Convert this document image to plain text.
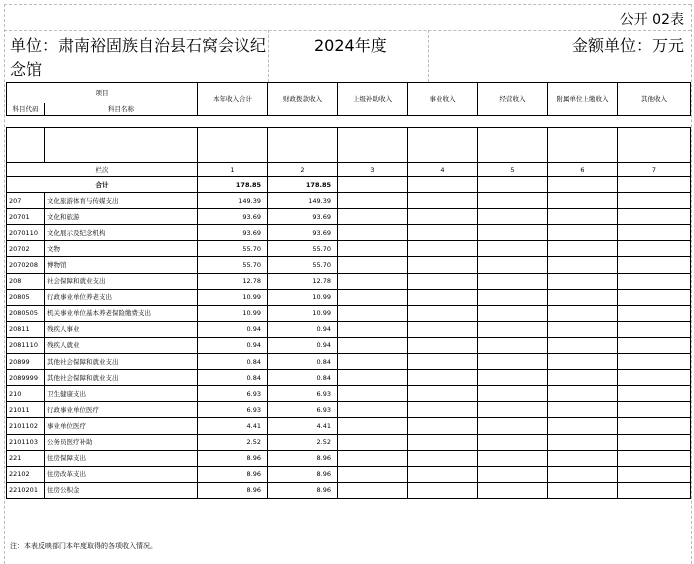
公开 02表
单位：肃南裕固族自治县石窝会议纪念馆
2024年度	金额单位：万元
项目		本年收入合计	财政拨款收入	上级补助收入	事业收入	经营收入	附属单位上缴收入	其他收入
科目代码	科目名称							

栏次		1	2	3	4	5	6	7
合计		178.85	178.85					
207	文化旅游体育与传媒支出	149.39	149.39					
20701	文化和旅游	93.69	93.69					
2070110	文化展示及纪念机构	93.69	93.69					
20702	文物	55.70	55.70					
2070208	博物馆	55.70	55.70					
208	社会保障和就业支出	12.78	12.78					
20805	行政事业单位养老支出	10.99	10.99					
2080505	机关事业单位基本养老保险缴费支出	10.99	10.99					
20811	残疾人事业	0.94	0.94					
2081110	残疾人就业	0.94	0.94					
20899	其他社会保障和就业支出	0.84	0.84					
2089999	其他社会保障和就业支出	0.84	0.84					
210	卫生健康支出	6.93	6.93					
21011	行政事业单位医疗	6.93	6.93					
2101102	事业单位医疗	4.41	4.41					
2101103	公务员医疗补助	2.52	2.52					
221	住房保障支出	8.96	8.96					
22102	住房改革支出	8.96	8.96					
2210201	住房公积金	8.96	8.96					
注：本表反映部门本年度取得的各项收入情况。
